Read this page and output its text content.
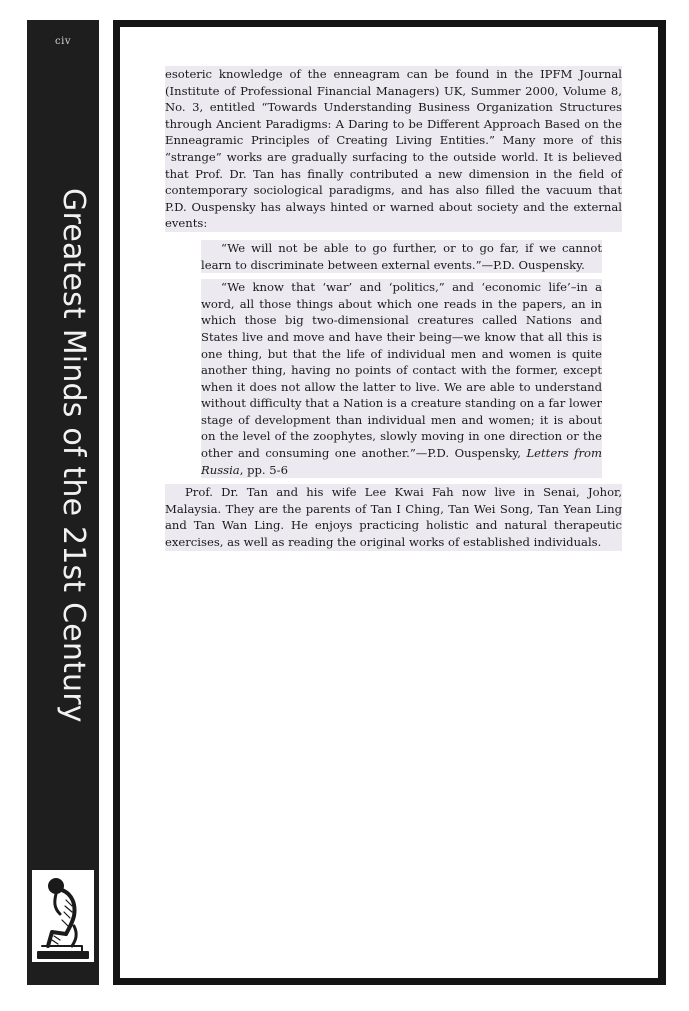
civ
Greatest Minds of the 21st Century

esoteric knowledge of the enneagram can be found in the IPFM Journal (Institute of Professional Financial Managers) UK, Summer 2000, Volume 8, No. 3, entitled “Towards Understanding Business Organization Structures through Ancient Paradigms: A Daring to be Different Approach Based on the Enneagramic Principles of Creating Living Entities.” Many more of this “strange” works are gradually surfacing to the outside world. It is believed that Prof. Dr. Tan has finally contributed a new dimension in the field of contemporary sociological paradigms, and has also filled the vacuum that P.D. Ouspensky has always hinted or warned about society and the external events:

“We will not be able to go further, or to go far, if we cannot learn to discriminate between external events.”—P.D. Ouspensky.

“We know that ‘war’ and ‘politics,” and ‘economic life’–in a word, all those things about which one reads in the papers, an in which those big two-dimensional creatures called Nations and States live and move and have their being—we know that all this is one thing, but that the life of individual men and women is quite another thing, having no points of contact with the former, except when it does not allow the latter to live. We are able to understand without difficulty that a Nation is a creature standing on a far lower stage of development than individual men and women; it is about on the level of the zoophytes, slowly moving in one direction or the other and consuming one another.”—P.D. Ouspensky, Letters from Russia, pp. 5-6

Prof. Dr. Tan and his wife Lee Kwai Fah now live in Senai, Johor, Malaysia. They are the parents of Tan I Ching, Tan Wei Song, Tan Yean Ling and Tan Wan Ling. He enjoys practicing holistic and natural therapeutic exercises, as well as reading the original works of established individuals.
